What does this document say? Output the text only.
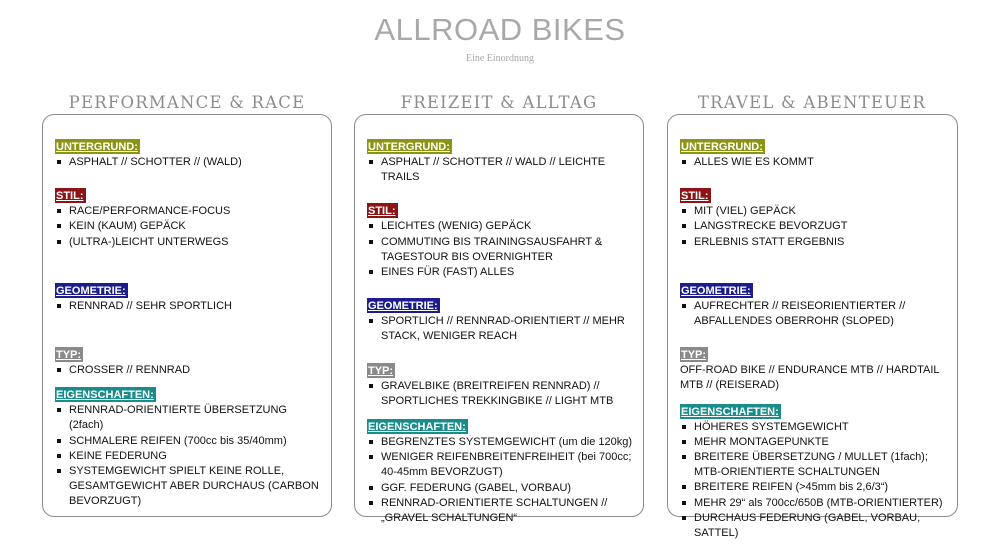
ALLROAD BIKES
Eine Einordnung
PERFORMANCE & RACE	FREIZEIT & ALLTAG	TRAVEL & ABENTEUER
UNTERGRUND:
ASPHALT // SCHOTTER // (WALD)
STIL:
RACE/PERFORMANCE-FOCUS
KEIN (KAUM) GEPÄCK
(ULTRA-)LEICHT UNTERWEGS
GEOMETRIE:
RENNRAD // SEHR SPORTLICH
TYP:
CROSSER // RENNRAD
EIGENSCHAFTEN:
RENNRAD-ORIENTIERTE ÜBERSETZUNG (2fach)
SCHMALERE REIFEN (700cc bis 35/40mm)
KEINE FEDERUNG
SYSTEMGEWICHT SPIELT KEINE ROLLE, GESAMTGEWICHT ABER DURCHAUS (CARBON BEVORZUGT)
UNTERGRUND:
ASPHALT // SCHOTTER // WALD // LEICHTE TRAILS
STIL:
LEICHTES (WENIG) GEPÄCK
COMMUTING BIS TRAININGSAUSFAHRT & TAGESTOUR BIS OVERNIGHTER
EINES FÜR (FAST) ALLES
GEOMETRIE:
SPORTLICH // RENNRAD-ORIENTIERT // MEHR STACK, WENIGER REACH
TYP:
GRAVELBIKE (BREITREIFEN RENNRAD) // SPORTLICHES TREKKINGBIKE // LIGHT MTB
EIGENSCHAFTEN:
BEGRENZTES SYSTEMGEWICHT (um die 120kg)
WENIGER REIFENBREITENFREIHEIT (bei 700cc; 40-45mm BEVORZUGT)
GGF. FEDERUNG (GABEL, VORBAU)
RENNRAD-ORIENTIERTE SCHALTUNGEN // „GRAVEL SCHALTUNGEN“
UNTERGRUND:
ALLES WIE ES KOMMT
STIL:
MIT (VIEL) GEPÄCK
LANGSTRECKE BEVORZUGT
ERLEBNIS STATT ERGEBNIS
GEOMETRIE:
AUFRECHTER // REISEORIENTIERTER // ABFALLENDES OBERROHR (SLOPED)
TYP:
OFF-ROAD BIKE // ENDURANCE MTB // HARDTAIL MTB // (REISERAD)
EIGENSCHAFTEN:
HÖHERES SYSTEMGEWICHT
MEHR MONTAGEPUNKTE
BREITERE ÜBERSETZUNG / MULLET (1fach); MTB-ORIENTIERTE SCHALTUNGEN
BREITERE REIFEN (>45mm bis 2,6/3“)
MEHR 29“ als 700cc/650B (MTB-ORIENTIERTER)
DURCHAUS FEDERUNG (GABEL, VORBAU, SATTEL)
